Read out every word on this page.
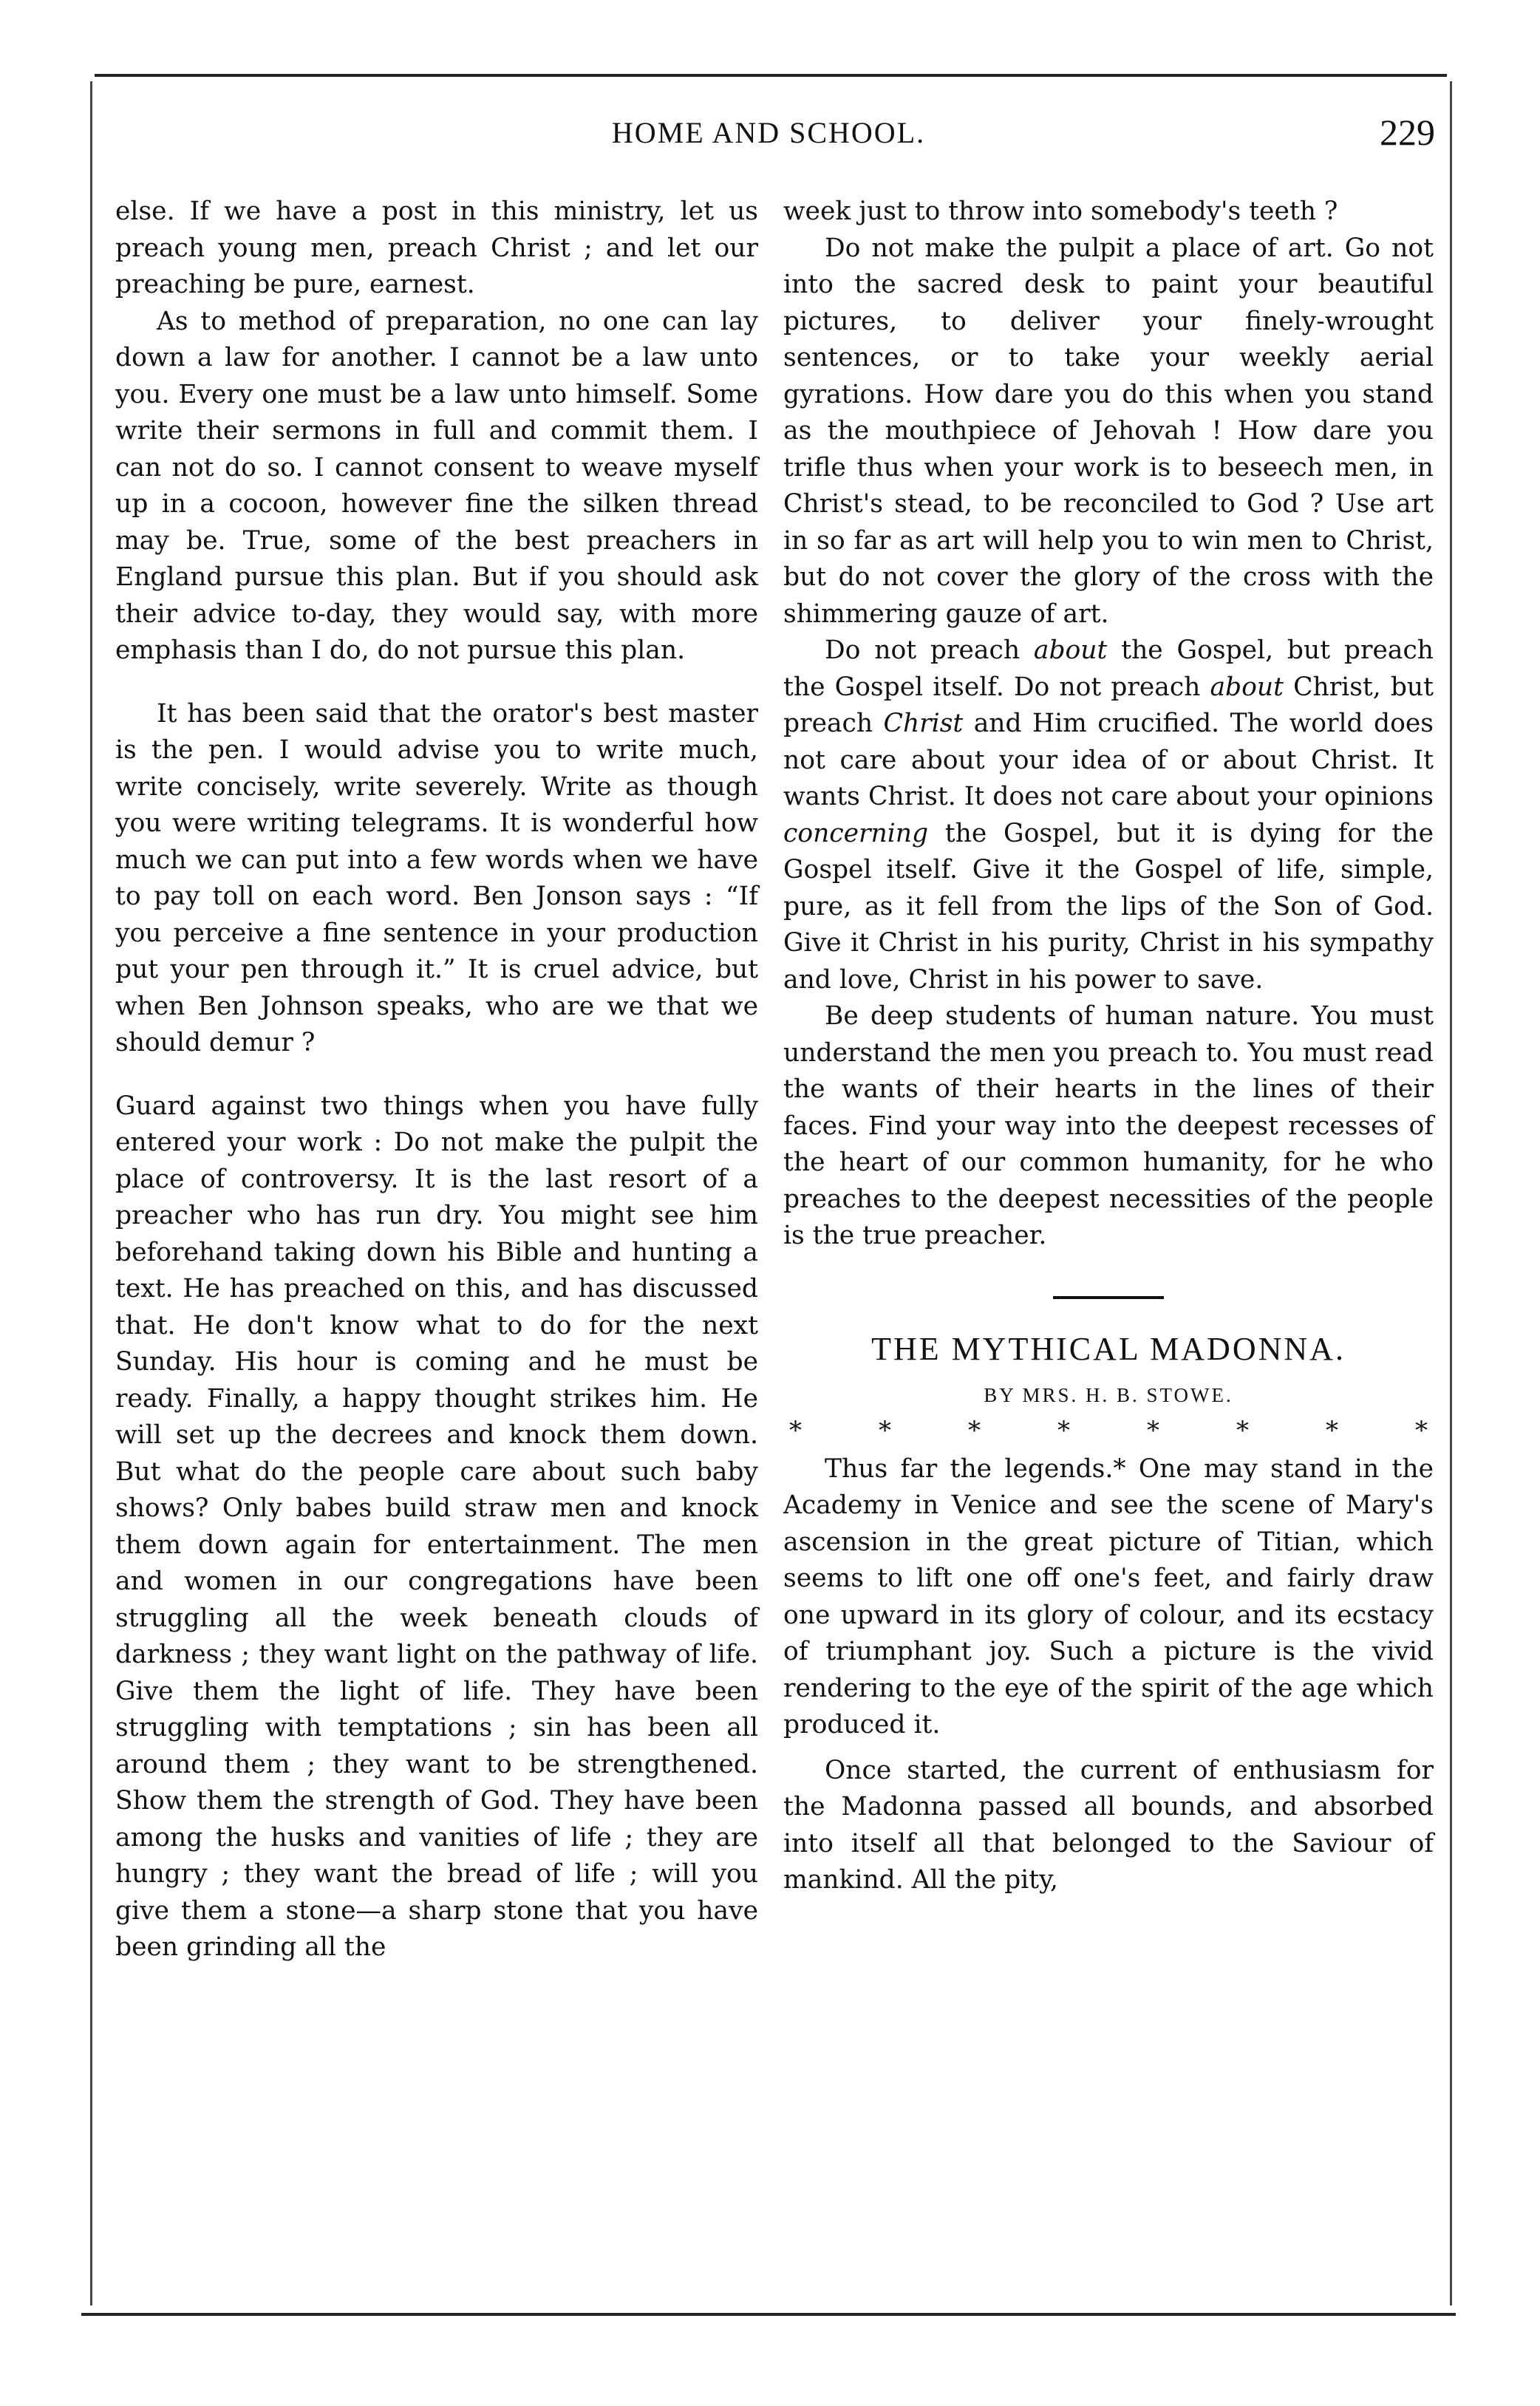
HOME AND SCHOOL.	229

else. If we have a post in this ministry, let us preach young men, preach Christ ; and let our preaching be pure, earnest.

As to method of preparation, no one can lay down a law for another. I cannot be a law unto you. Every one must be a law unto himself. Some write their sermons in full and commit them. I can not do so. I cannot consent to weave myself up in a cocoon, however fine the silken thread may be. True, some of the best preachers in England pursue this plan. But if you should ask their advice to-day, they would say, with more emphasis than I do, do not pursue this plan.

It has been said that the orator's best master is the pen. I would advise you to write much, write concisely, write severely. Write as though you were writing telegrams. It is wonderful how much we can put into a few words when we have to pay toll on each word. Ben Jonson says : “If you perceive a fine sentence in your production put your pen through it.” It is cruel advice, but when Ben Johnson speaks, who are we that we should demur ?

Guard against two things when you have fully entered your work : Do not make the pulpit the place of controversy. It is the last resort of a preacher who has run dry. You might see him beforehand taking down his Bible and hunting a text. He has preached on this, and has discussed that. He don't know what to do for the next Sunday. His hour is coming and he must be ready. Finally, a happy thought strikes him. He will set up the decrees and knock them down. But what do the people care about such baby shows? Only babes build straw men and knock them down again for entertainment. The men and women in our congregations have been struggling all the week beneath clouds of darkness ; they want light on the pathway of life. Give them the light of life. They have been struggling with temptations ; sin has been all around them ; they want to be strengthened. Show them the strength of God. They have been among the husks and vanities of life ; they are hungry ; they want the bread of life ; will you give them a stone—a sharp stone that you have been grinding all the

week just to throw into somebody's teeth ?

Do not make the pulpit a place of art. Go not into the sacred desk to paint your beautiful pictures, to deliver your finely-wrought sentences, or to take your weekly aerial gyrations. How dare you do this when you stand as the mouthpiece of Jehovah ! How dare you trifle thus when your work is to beseech men, in Christ's stead, to be reconciled to God ? Use art in so far as art will help you to win men to Christ, but do not cover the glory of the cross with the shimmering gauze of art.

Do not preach about the Gospel, but preach the Gospel itself. Do not preach about Christ, but preach Christ and Him crucified. The world does not care about your idea of or about Christ. It wants Christ. It does not care about your opinions concerning the Gospel, but it is dying for the Gospel itself. Give it the Gospel of life, simple, pure, as it fell from the lips of the Son of God. Give it Christ in his purity, Christ in his sympathy and love, Christ in his power to save.

Be deep students of human nature. You must understand the men you preach to. You must read the wants of their hearts in the lines of their faces. Find your way into the deepest recesses of the heart of our common humanity, for he who preaches to the deepest necessities of the people is the true preacher.

THE MYTHICAL MADONNA.
BY MRS. H. B. STOWE.
*	*	*	*	*	*	*	*

Thus far the legends.* One may stand in the Academy in Venice and see the scene of Mary's ascension in the great picture of Titian, which seems to lift one off one's feet, and fairly draw one upward in its glory of colour, and its ecstacy of triumphant joy. Such a picture is the vivid rendering to the eye of the spirit of the age which produced it.

Once started, the current of enthusiasm for the Madonna passed all bounds, and absorbed into itself all that belonged to the Saviour of mankind. All the pity,
